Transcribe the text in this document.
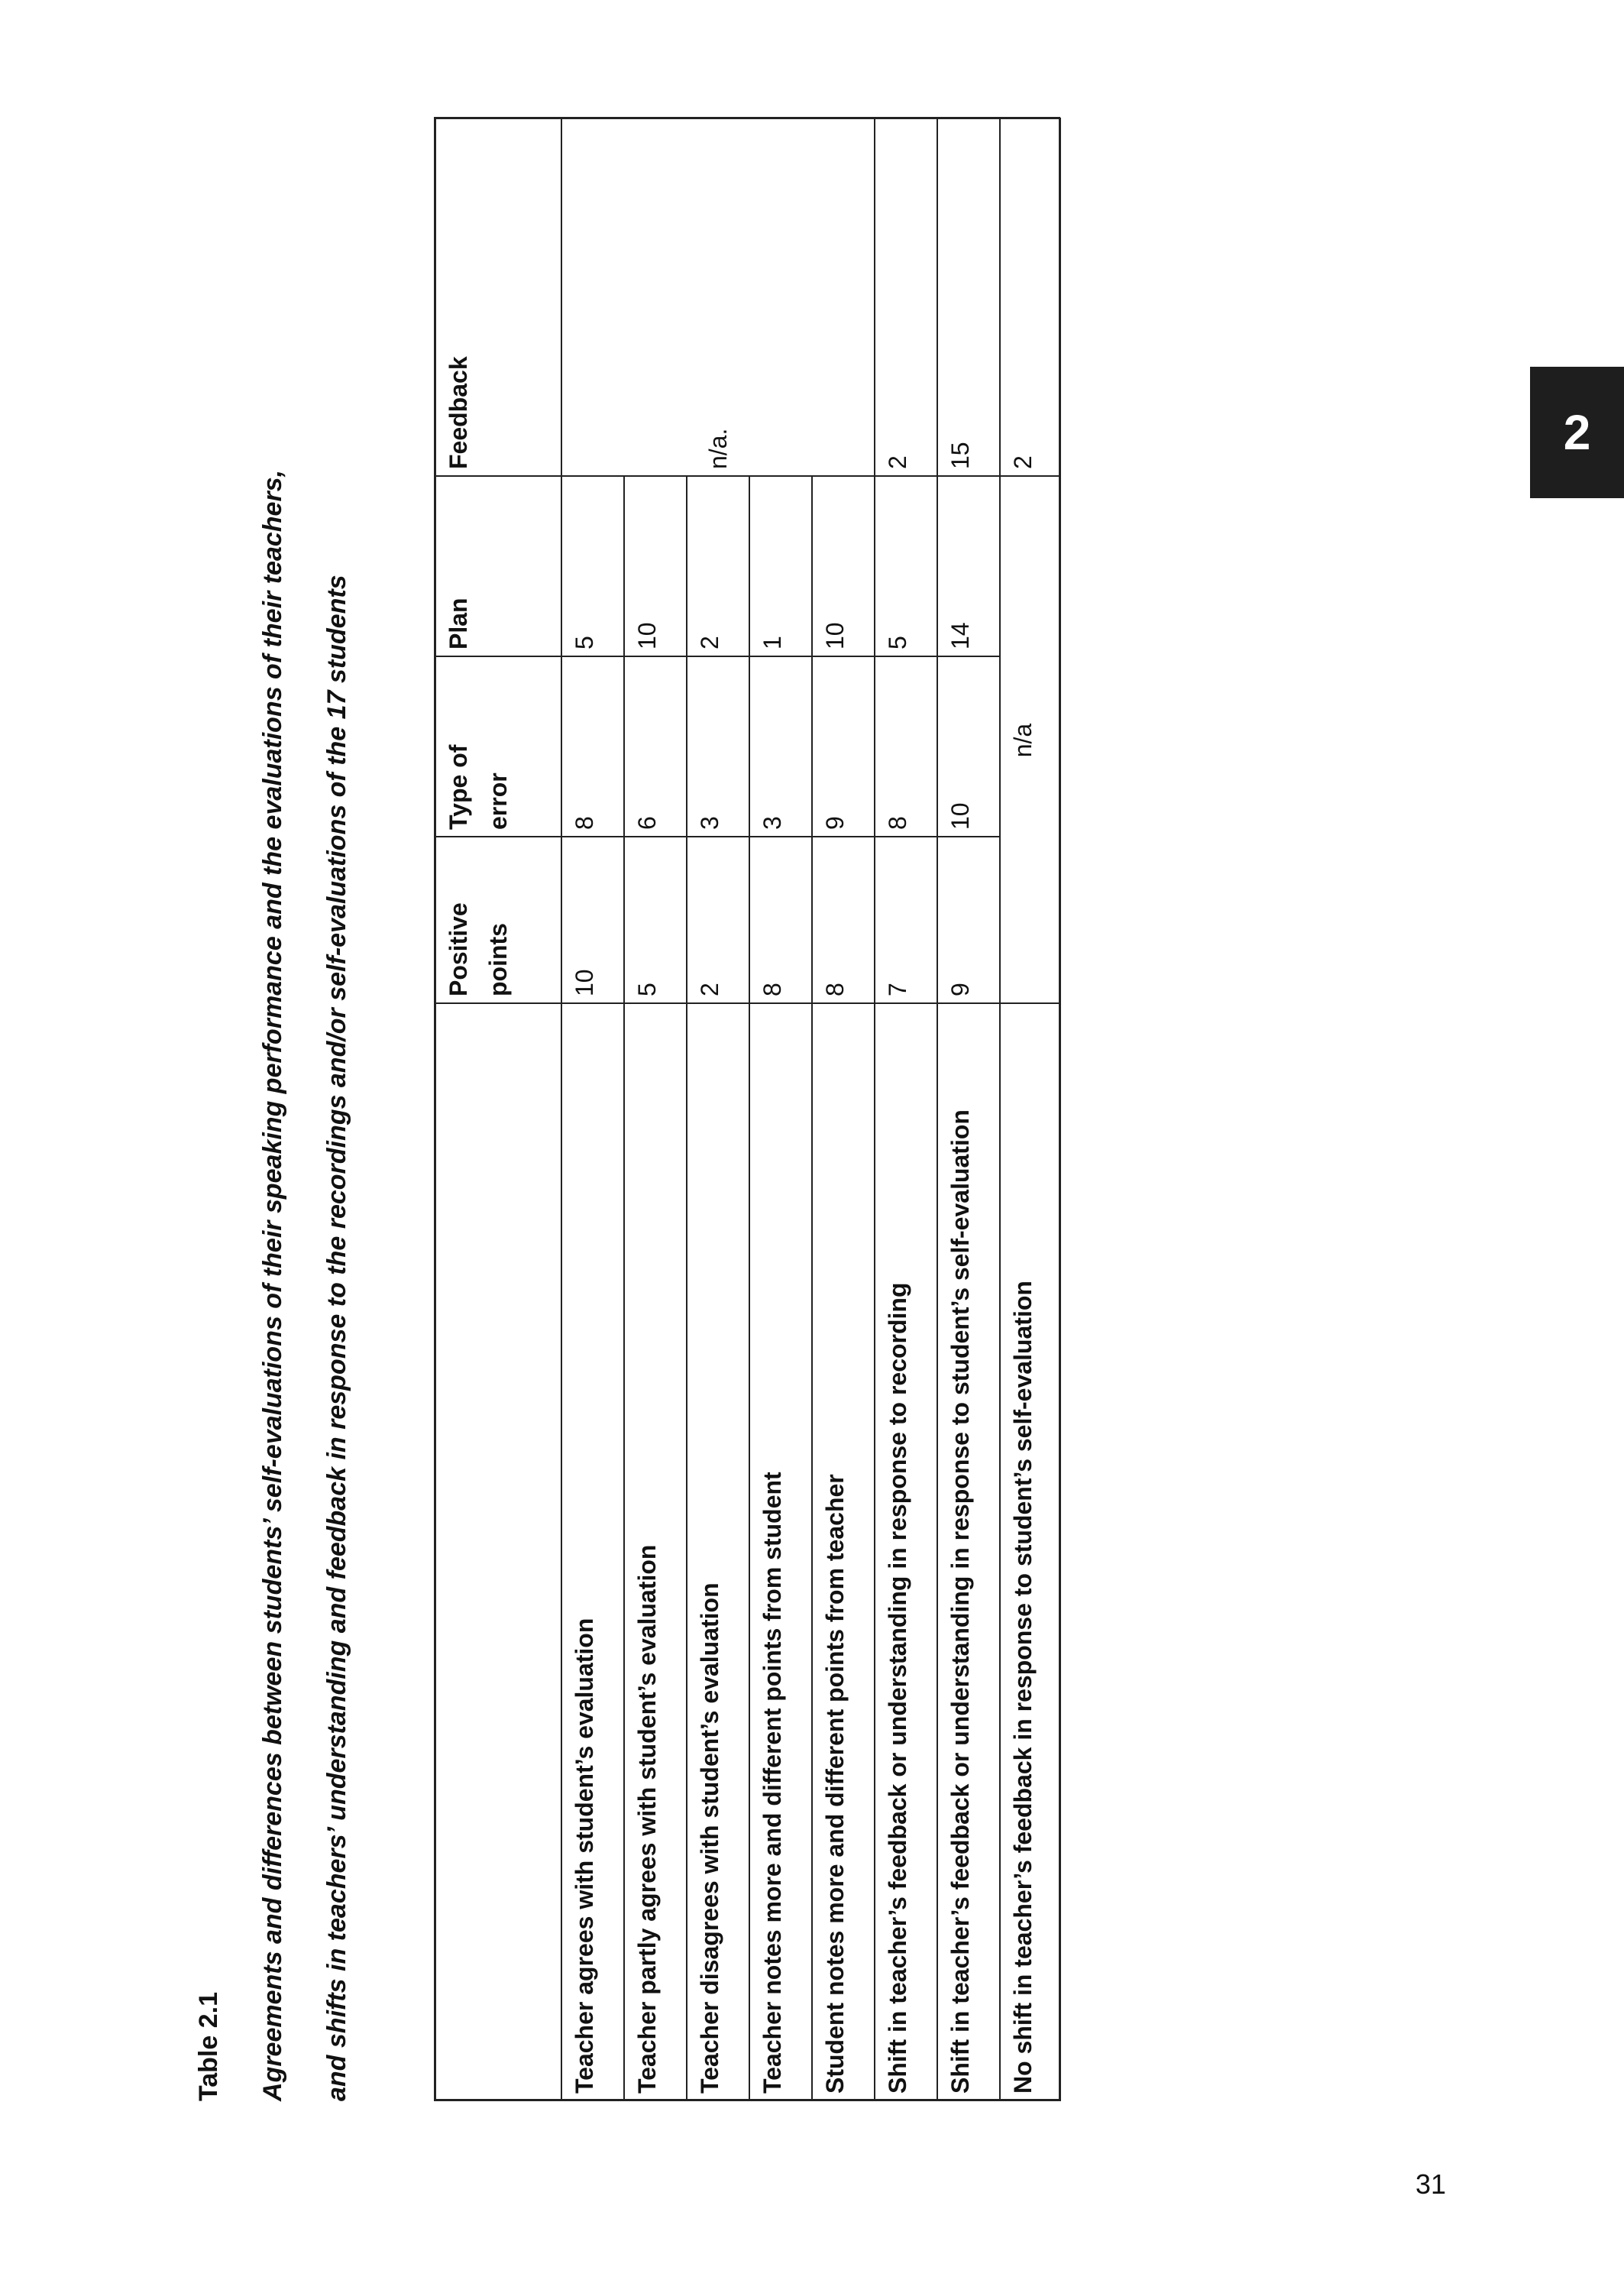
Table 2.1 Agreements and differences between students’ self-evaluations of their speaking performance and the evaluations of their teachers, and shifts in teachers’ understanding and feedback in response to the recordings and/or self-evaluations of the 17 students	Positive
points
Type of
error
Plan
Feedback
Teacher agrees with student’s evaluation
10
8
5
Teacher partly agrees with student’s evaluation
5
6
10
Teacher disagrees with student’s evaluation
2
3
2
Teacher notes more and different points from student
8
3
1
Student notes more and different points from teacher
8
9
10
n/a.
Shift in teacher’s feedback or understanding in response to recording
7
8
5
2
Shift in teacher’s feedback or understanding in response to student’s self-evaluation
9
10
14
15
No shift in teacher’s feedback in response to student’s self-evaluation
n/a
2
2
31
